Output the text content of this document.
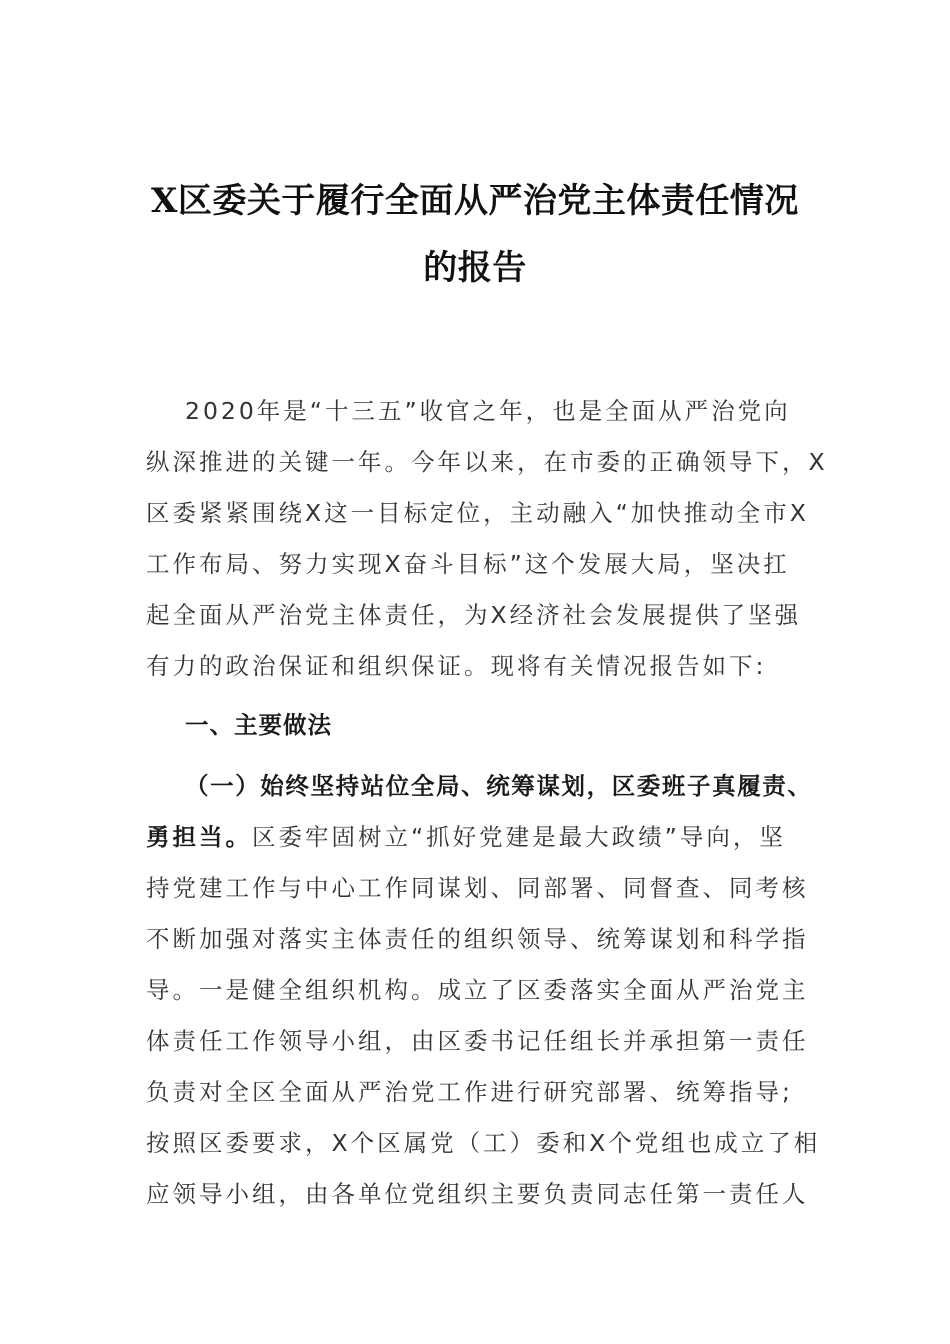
X区委关于履行全面从严治党主体责任情况
的报告
2020年是“十三五”收官之年，也是全面从严治党向
纵深推进的关键一年。今年以来，在市委的正确领导下，X
区委紧紧围绕X这一目标定位，主动融入“加快推动全市X
工作布局、努力实现X奋斗目标”这个发展大局，坚决扛
起全面从严治党主体责任，为X经济社会发展提供了坚强
有力的政治保证和组织保证。现将有关情况报告如下:
一、主要做法
（一）始终坚持站位全局、统筹谋划，区委班子真履责、
勇担当。区委牢固树立“抓好党建是最大政绩”导向，坚
持党建工作与中心工作同谋划、同部署、同督查、同考核
不断加强对落实主体责任的组织领导、统筹谋划和科学指
导。一是健全组织机构。成立了区委落实全面从严治党主
体责任工作领导小组，由区委书记任组长并承担第一责任
负责对全区全面从严治党工作进行研究部署、统筹指导;
按照区委要求，X个区属党（工）委和X个党组也成立了相
应领导小组，由各单位党组织主要负责同志任第一责任人
